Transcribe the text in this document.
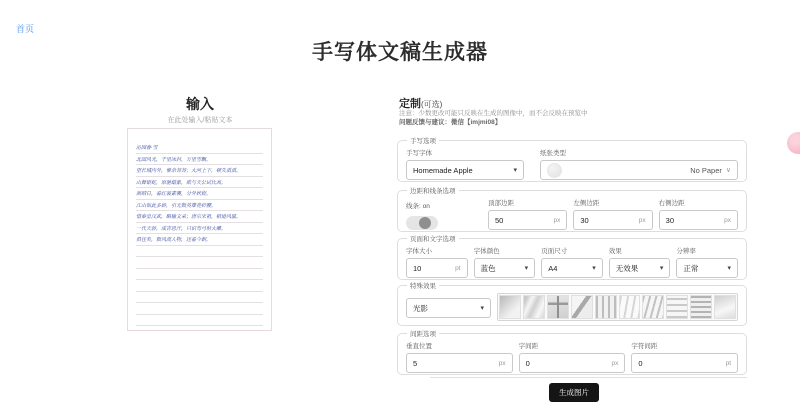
首页
手写体文稿生成器
输入
在此处输入/粘贴文本
沁园春·雪
北国风光，千里冰封，万里雪飘。
望长城内外，惟余莽莽；大河上下，顿失滔滔。
山舞银蛇，原驰蜡象，欲与天公试比高。
须晴日，看红装素裹，分外妖娆。
江山如此多娇，引无数英雄竞折腰。
惜秦皇汉武，略输文采；唐宗宋祖，稍逊风骚。
一代天骄，成吉思汗，只识弯弓射大雕。
俱往矣，数风流人物，还看今朝。
定制(可选)
注意：少数更改可能只反映在生成的图像中，而不会反映在预览中
问题反馈与建议：微信【imjmi08】
手写选项
手写字体
Homemade Apple	▾
纸张类型
No Paper ∨
边距和线条选项
线条: on	顶部边距
50
px
左侧边距
30
px
右侧边距
30
px
页面和文字选项
字体大小
10
pt
字体颜色
蓝色	▾
页面尺寸
A4	▾
效果
无效果	▾
分辨率
正常	▾
特殊效果
光影	▾
间距选项
垂直位置
5
px
字间距
0
px
字符间距
0
pt
生成图片
